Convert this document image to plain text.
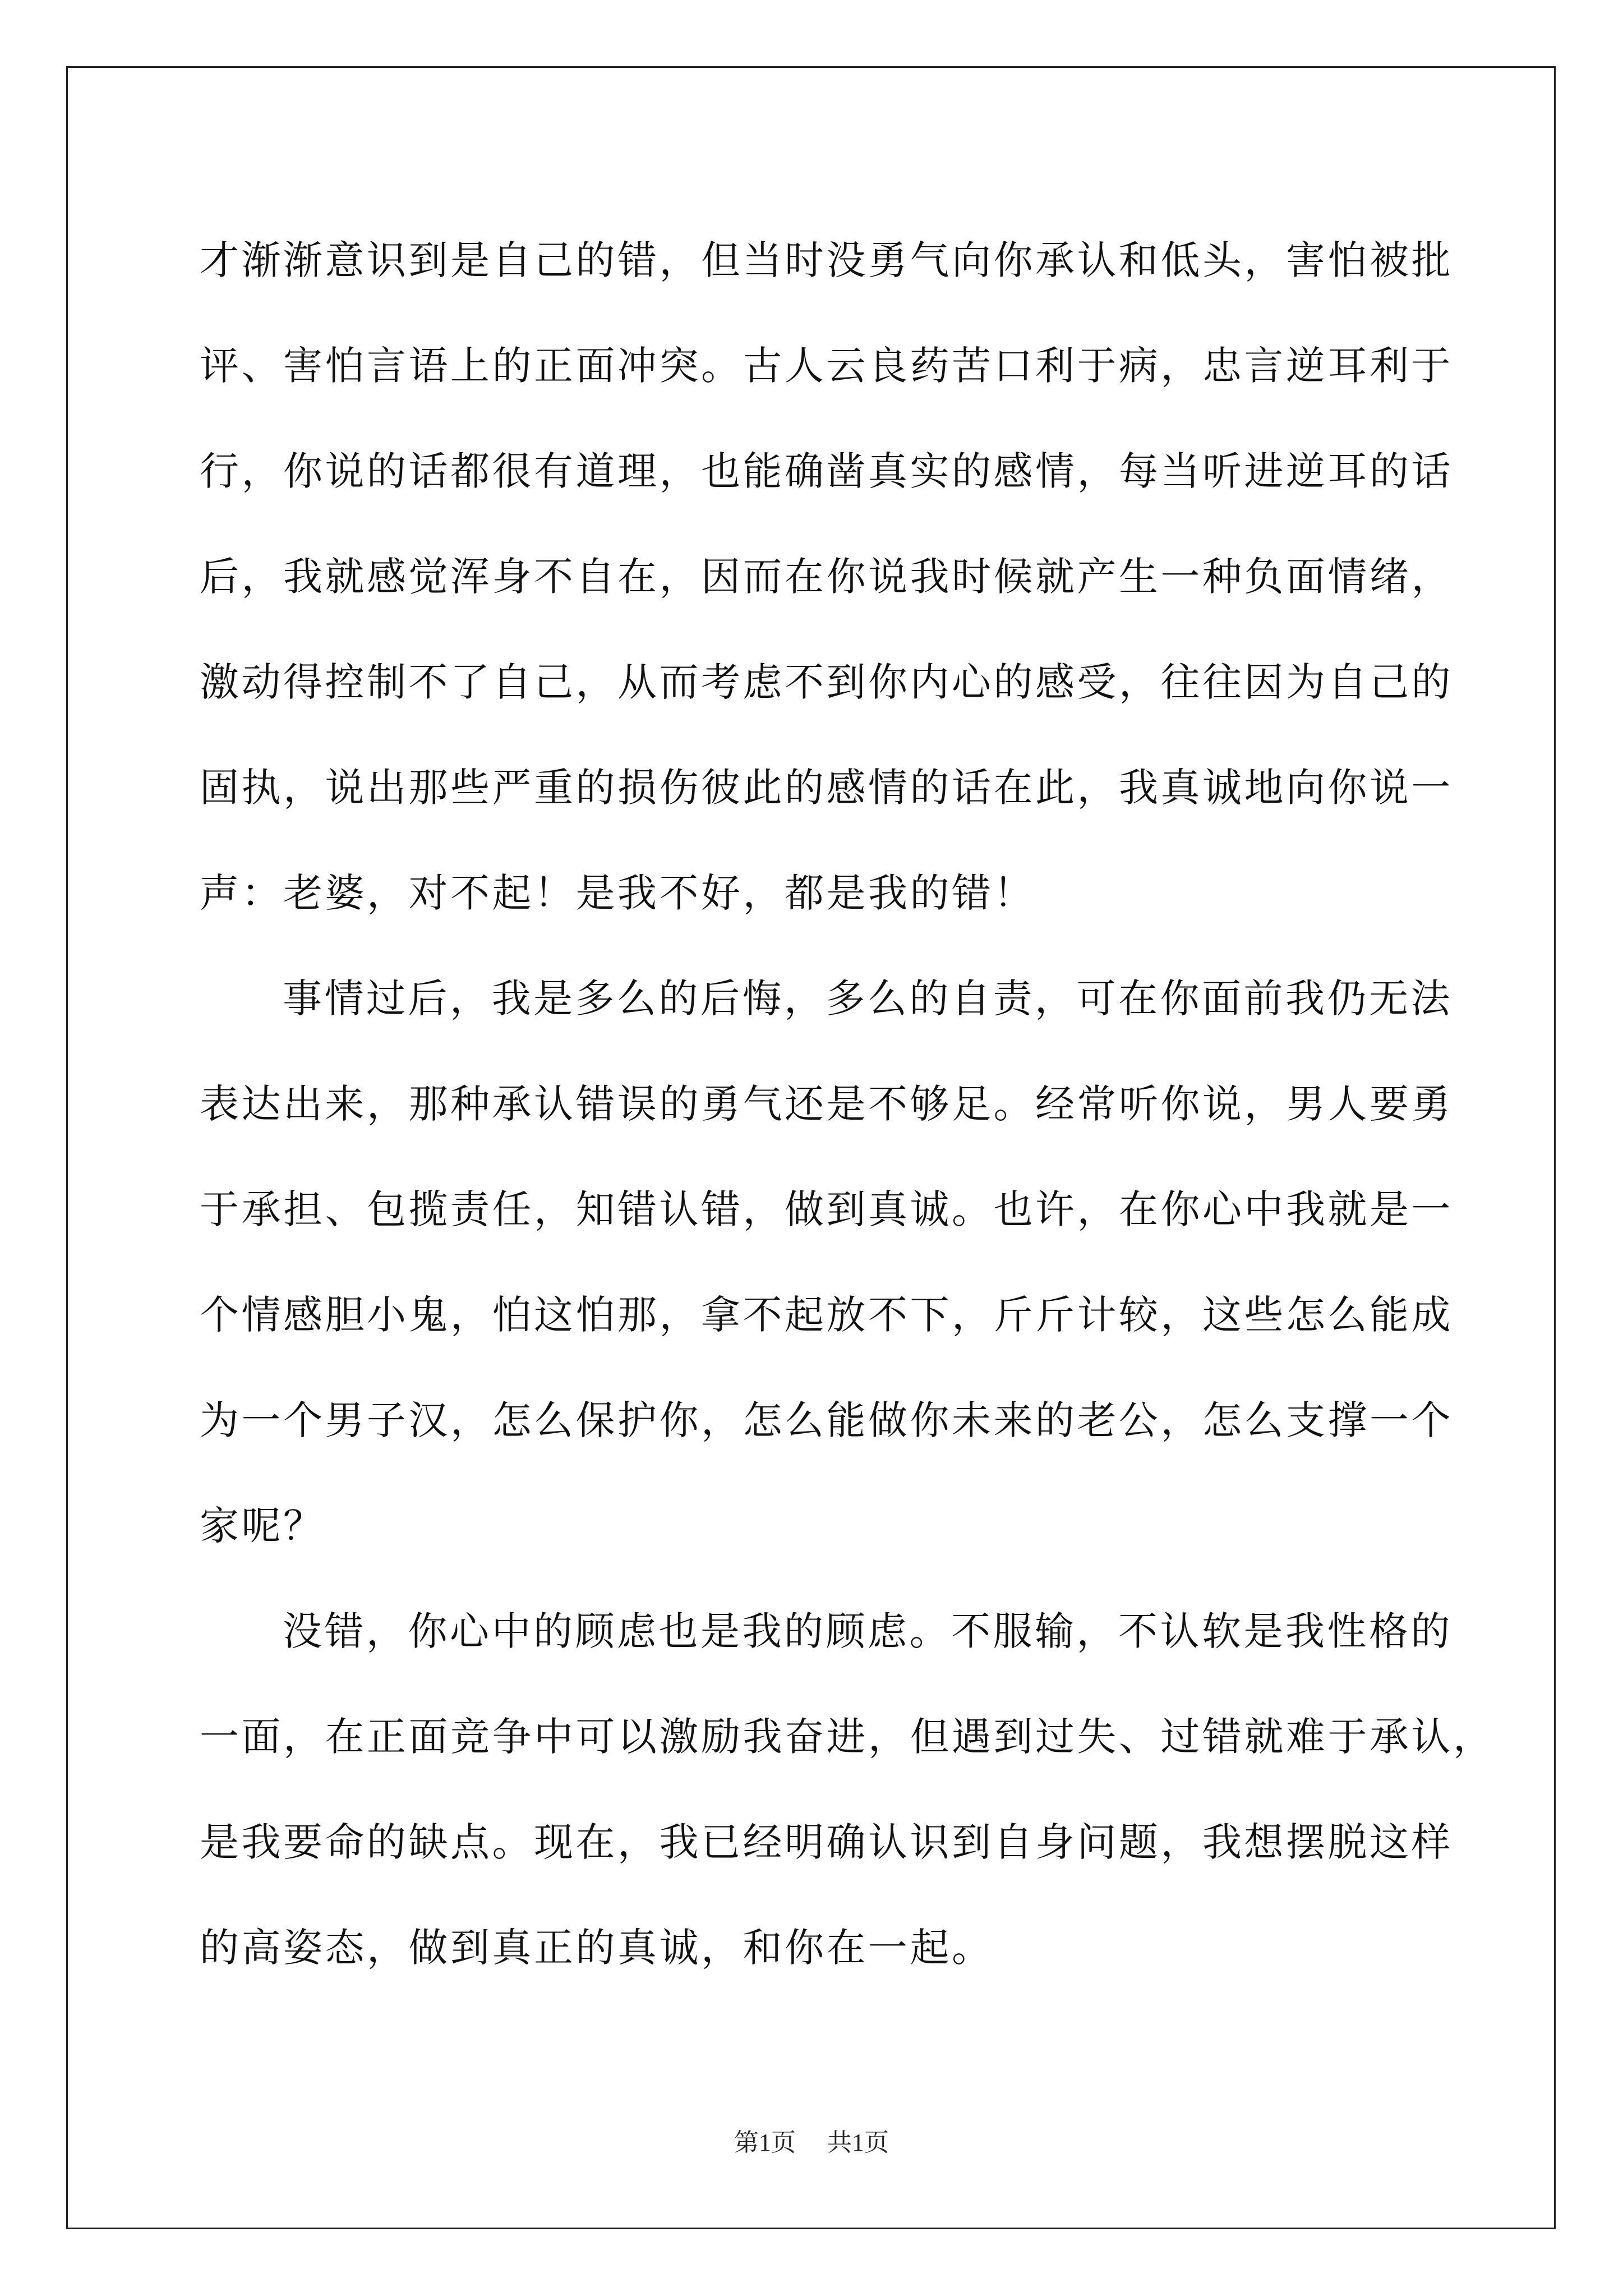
才渐渐意识到是自己的错，但当时没勇气向你承认和低头，害怕被批
评、害怕言语上的正面冲突。古人云良药苦口利于病，忠言逆耳利于
行，你说的话都很有道理，也能确凿真实的感情，每当听进逆耳的话
后，我就感觉浑身不自在，因而在你说我时候就产生一种负面情绪，
激动得控制不了自己，从而考虑不到你内心的感受，往往因为自己的
固执，说出那些严重的损伤彼此的感情的话在此，我真诚地向你说一
声：老婆，对不起！是我不好，都是我的错！
事情过后，我是多么的后悔，多么的自责，可在你面前我仍无法
表达出来，那种承认错误的勇气还是不够足。经常听你说，男人要勇
于承担、包揽责任，知错认错，做到真诚。也许，在你心中我就是一
个情感胆小鬼，怕这怕那，拿不起放不下，斤斤计较，这些怎么能成
为一个男子汉，怎么保护你，怎么能做你未来的老公，怎么支撑一个
家呢？
没错，你心中的顾虑也是我的顾虑。不服输，不认软是我性格的
一面，在正面竞争中可以激励我奋进，但遇到过失、过错就难于承认，
是我要命的缺点。现在，我已经明确认识到自身问题，我想摆脱这样
的高姿态，做到真正的真诚，和你在一起。
第1页 共1页
